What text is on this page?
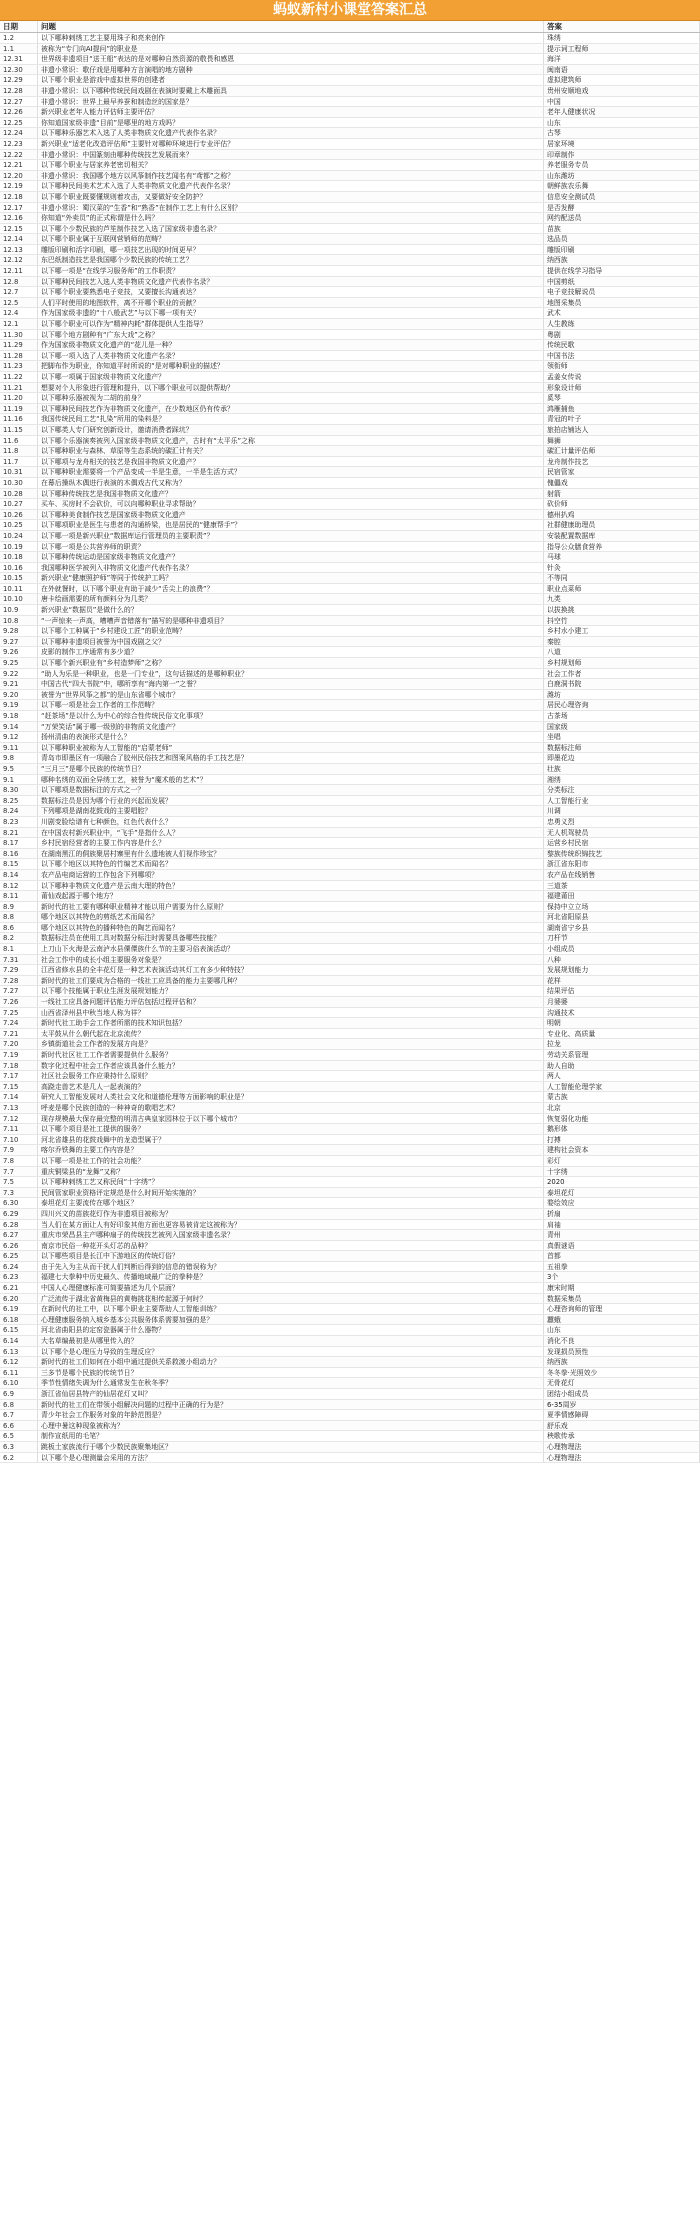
蚂蚁新村小课堂答案汇总
日期	问题	答案
1.2	以下哪种刺绣工艺主要用珠子和亮来创作	珠绣
1.1	被称为“专门向AI提问”的职业是	提示词工程师
12.31	世界级非遗项目“送王船”表达的是对哪种自然资源的敬畏和感恩	海洋
12.30	非遗小常识：歌仔戏是用哪种方言演唱的地方剧种	闽南语
12.29	以下哪个职业是游戏中虚拟世界的创建者	虚拟建筑师
12.28	非遗小常识：以下哪种传统民间戏剧在表演时要戴上木雕面具	贵州安顺地戏
12.27	非遗小常识：世界上最早养蚕和制造丝的国家是？	中国
12.26	新兴职业老年人能力评估师主要评估？	老年人健康状况
12.25	你知道国家级非遗“目前”是哪里的地方戏吗？	山东
12.24	以下哪种乐器艺术入选了人类非物质文化遗产代表作名录？	古琴
12.23	新兴职业“适老化改造评估师”主要针对哪种环境进行专业评估？	居家环境
12.22	非遗小常识：中国篆刻由哪种传统技艺发展而来？	印章制作
12.21	以下哪个职业与居家养老密切相关？	养老服务专员
12.20	非遗小常识：我国哪个地方以风筝制作技艺闻名有“鸢都”之称？	山东潍坊
12.19	以下哪种民间美术艺术入选了人类非物质文化遗产代表作名录？	朝鲜族农乐舞
12.18	以下哪个职业既要懂规则着攻击，又要做好安全防护？	信息安全测试员
12.17	非遗小常识：蜀汉菜的“生香”和“熟香”在制作工艺上有什么区别？	是否发酵
12.16	你知道“外卖员”的正式称谓是什么吗？	网约配送员
12.15	以下哪个少数民族的芦笙制作技艺入选了国家级非遗名录？	苗族
12.14	以下哪个职业属于互联网营销师的范畴？	选品员
12.13	雕版印刷和活字印刷，哪一项技艺出现的时间更早？	雕版印刷
12.12	东巴纸制造技艺是我国哪个少数民族的传统工艺？	纳西族
12.11	以下哪一项是“在线学习服务师”的工作职责？	提供在线学习指导
12.8	以下哪种民间技艺入选人类非物质文化遗产代表作名录？	中国剪纸
12.7	以下哪个职业要熟悉电子竞技，又要擅长沟通表达？	电子竞技解说员
12.5	人们平时使用的地图软件，离不开哪个职业的贡献？	地图采集员
12.4	作为国家级非遗的“十八般武艺”与以下哪一项有关？	武术
12.1	以下哪个职业可以作为“精神内耗”群体提供人生指导？	人生教练
11.30	以下哪个地方剧种有“广东大戏”之称？	粤剧
11.29	作为国家级非物质文化遗产的“花儿是一种？	传统民歌
11.28	以下哪一项入选了人类非物质文化遗产名录？	中国书法
11.23	把脚布作为职业，你知道平时所说的“是对哪种职业的描述？	领衔师
11.22	以下哪一项属于国家级非物质文化遗产？	孟姜女传说
11.21	想要对个人形象进行管理和提升，以下哪个职业可以提供帮助？	形象设计师
11.20	以下哪种乐器被视为二胡的前身？	奚琴
11.19	以下哪种民间技艺作为非物质文化遗产，在少数地区仍有传承？	鸿雁捕鱼
11.16	我国传统民间工艺“扎染”所用的染料是？	青冠的叶子
11.15	以下哪类人专门研究创新设计，邀请消费者踩坑？	旅拍店铺达人
11.6	以下哪个乐器演奏被列入国家级非物质文化遗产，古时有“太平乐”之称	舞狮
11.8	以下哪种职业与森林、草原等生态系统的碳汇计有关？	碳汇计量评估师
11.7	以下哪项与龙舟相关的技艺是我国非物质文化遗产？	龙舟制作技艺
10.31	以下哪种职业需要将一个产品变成一半是生意，一半是生活方式？	民宿管家
10.30	在幕后操纵木偶进行表演的木偶戏古代又称为？	傀儡戏
10.28	以下哪种传统技艺是我国非物质文化遗产？	射箭
10.27	买车、买房时不会砍价，可以向哪种职业寻求帮助？	砍价师
10.26	以下哪种美食制作技艺是国家级非物质文化遗产	德州扒鸡
10.25	以下哪项职业是医生与患者的沟通桥梁，也是居民的“健康帮手”？	社群健康助理员
10.24	以下哪一项是新兴职业“数据库运行管理员的主要职责”？	安装配置数据库
10.19	以下哪一项是公共营养师的职责？	指导公众膳食营养
10.18	以下哪种传统运动是国家级非物质文化遗产？	马球
10.16	我国哪种医学被列入非物质文化遗产代表作名录？	针灸
10.15	新兴职业“健康照护师”等同于传统护工吗？	不等同
10.11	在外就餐时，以下哪个职业有助于减少“舌尖上的浪费”？	职业点菜师
10.10	唐卡绘画需要的所有颜料分为几类？	九类
10.9	新兴职业“数据员”是做什么的？	以拔换挑
10.8	“一声惊来一声高，嘈嘈声音错落有”描写的是哪种非遗项目？	抖空竹
9.28	以下哪个工种属于“乡村建设工匠”的职业范畴？	乡村水小建工
9.27	以下哪种非遗项目被誉为中国戏剧之父？	秦腔
9.26	皮影的制作工序通常有多少道？	八道
9.25	以下哪个新兴职业有“乡村造梦师”之称？	乡村规划师
9.22	“助人为乐是一种职业，也是一门专业”，这句话描述的是哪种职业？	社会工作者
9.21	中国古代“四大书院”中，哪所享有“海内第一”之誉？	白鹿洞书院
9.20	被誉为“世界风筝之都”的是山东省哪个城市？	潍坊
9.19	以下哪一项是社会工作者的工作范畴？	居民心理咨询
9.18	“赶茶场”是以什么为中心的综合性传统民俗文化事项？	古茶场
9.14	“万荣笑话”属于哪一级别的非物质文化遗产？	国家级
9.12	扬州清曲的表演形式是什么？	坐唱
9.11	以下哪种职业被称为人工智能的“启蒙老师”	数据标注师
9.8	青岛市即墨区有一项融合了胶州民俗技艺和图案风格的手工技艺是？	即墨花边
9.5	“三月三”是哪个民族的传统节日？	壮族
9.1	哪种名绣的双面全异绣工艺，被誉为“魔术般的艺术”？	湘绣
8.30	以下哪项是数据标注的方式之一？	分类标注
8.25	数据标注员是因为哪个行业的兴起而发展？	人工智能行业
8.24	下列哪项是湖南花鼓戏的主要唱腔？	川调
8.23	川剧变脸绘谱有七种颜色，红色代表什么？	忠勇义烈
8.21	在中国农村新兴职业中，“飞手”是指什么人？	无人机驾驶员
8.17	乡村民宿经营者的主要工作内容是什么？	运营乡村民宿
8.16	在湖南黑江的侗族聚居村寨里有什么遗地被人们视作珍宝？	黎族传统织锦技艺
8.15	以下哪个地区以其特色的竹编艺术而闻名？	浙江省东阳市
8.14	农产品电商运营的工作包含下列哪项？	农产品在线销售
8.12	以下哪种非物质文化遗产是云南大理的特色？	三道茶
8.11	莆仙戏起源于哪个地方？	福建莆田
8.9	新时代的社工要有哪种职业精神才能以用户需要为什么原则？	保持中立立场
8.8	哪个地区以其特色的剪纸艺术而闻名？	河北省阳原县
8.6	哪个地区以其特色的播种特色的陶艺而闻名？	湖南省宁乡县
8.2	数据标注员在使用工具对数据分标注时需要具备哪些技能？	刀杆节
8.1	上刀山下火海是云南泸水县傈僳族什么节的主要习俗表演活动？	小组成员
7.31	社会工作中的成长小组主要服务对象是？	八种
7.29	江西省修水县的全丰花灯是一种艺术表演活动其灯工有多少种特技？	发展规划能力
7.28	新时代的社工们要成为合格的一线社工应具备的能力主要哪几种？	花样
7.27	以下哪个技能属于职业生涯发展规划能力？	结果评估
7.26	一线社工应具备问题评估能力评估包括过程评估和？	月婆婆
7.25	山西省泽州县中秋当地人称为祥？	沟通技术
7.24	新时代社工助手会工作者所需的技术知识包括？	明朝
7.21	太平鼓从什么朝代起在北京流传？	专业化、高质量
7.20	乡镇街道社会工作者的发展方向是？	拉龙
7.19	新时代社区社工工作者需要提供什么服务？	劳动关系管理
7.18	数字化过程中社会工作者应该具备什么能力？	助人自助
7.17	社区社会服务工作应秉持什么原则？	两人
7.15	高跷走兽艺术是几人一起表演的？	人工智能伦理学家
7.14	研究人工智能发展对人类社会文化和道德伦理等方面影响的职业是？	蒙古族
7.13	呼麦是哪个民族创造的一种神奇的歌唱艺术？	北京
7.12	现存规模最大保存最完整的明清古典皇家园林位于以下哪个城市？	恢复弱化功能
7.11	以下哪个项目是社工提供的服务？	鹅形体
7.10	河北省雄县的花鼓戏舞中的龙造型属于？	打搏
7.9	喀尔乔铁舞的主要工作内容是？	建构社会资本
7.8	以下哪一项是社工作的社会功能？	彩灯
7.7	重庆铜梁县的“龙舞”又称？	十字绣
7.5	以下哪种刺绣工艺又称民间“十字绣”？	2020
7.3	民间管家职业资格评定规范是什么时间开始实施的？	泰坦花灯
6.30	泰坦花灯主要流传在哪个地区？	婺绘效应
6.29	四川兴文的苗族花灯作为非遗项目被称为？	折扇
6.28	当人们在某方面让人有好印象其他方面也更容易被肯定这被称为？	肩袖
6.27	重庆市荣昌县主产哪种扇子的传统技艺被列入国家级非遗名录？	青州
6.26	南京市民俗一种花开头灯芯的品种？	真假谜语
6.25	以下哪些项目是长江中下游地区的传统灯俗？	首都
6.24	由于先入为主从而干扰人们判断后得到的信息的错误称为？	五祖拳
6.23	福建七大拳种中历史最久、传播地域最广泛的拳种是？	3个
6.21	中国人心理健康标准可简要描述为几个层面？	康宋时期
6.20	广泛流传于湖北省黄梅县的黄梅挑花相传起源于何时？	数据采集员
6.19	在新时代的社工中，以下哪个职业主要帮助人工智能训练？	心理咨询师的管理
6.18	心理健康服务纳入城乡基本公共服务体系需要加强的是？	蠶蛾
6.15	河北省曲阳县的定窑瓷器属于什么器物？	山东
6.14	大名草编最初是从哪里传入的？	消化不良
6.13	以下哪个是心理压力导致的生理反应？	发现损员预性
6.12	新时代的社工们如何在小组中通过提供关系救渡小组动力？	纳西族
6.11	三多节是哪个民族的传统节日？	冬冬拳·光照效少
6.10	季节性情绪失调为什么通常发生在秋冬季？	无骨花灯
6.9	浙江省仙居县特产的仙居花灯又叫？	团结小组成员
6.8	新时代的社工们在带领小组解决问题的过程中正确的行为是？	6-35周岁
6.7	青少年社会工作服务对象的年龄范围是？	夏季情感障碍
6.6	心理中暑这种现象被称为？	舒乐戏
6.5	制作宣纸用的毛笔？	秧歌传承
6.3	跳板土家族流行于哪个少数民族聚集地区？	心理物理法
6.2	以下哪个是心理测量会采用的方法？	心理物理法
